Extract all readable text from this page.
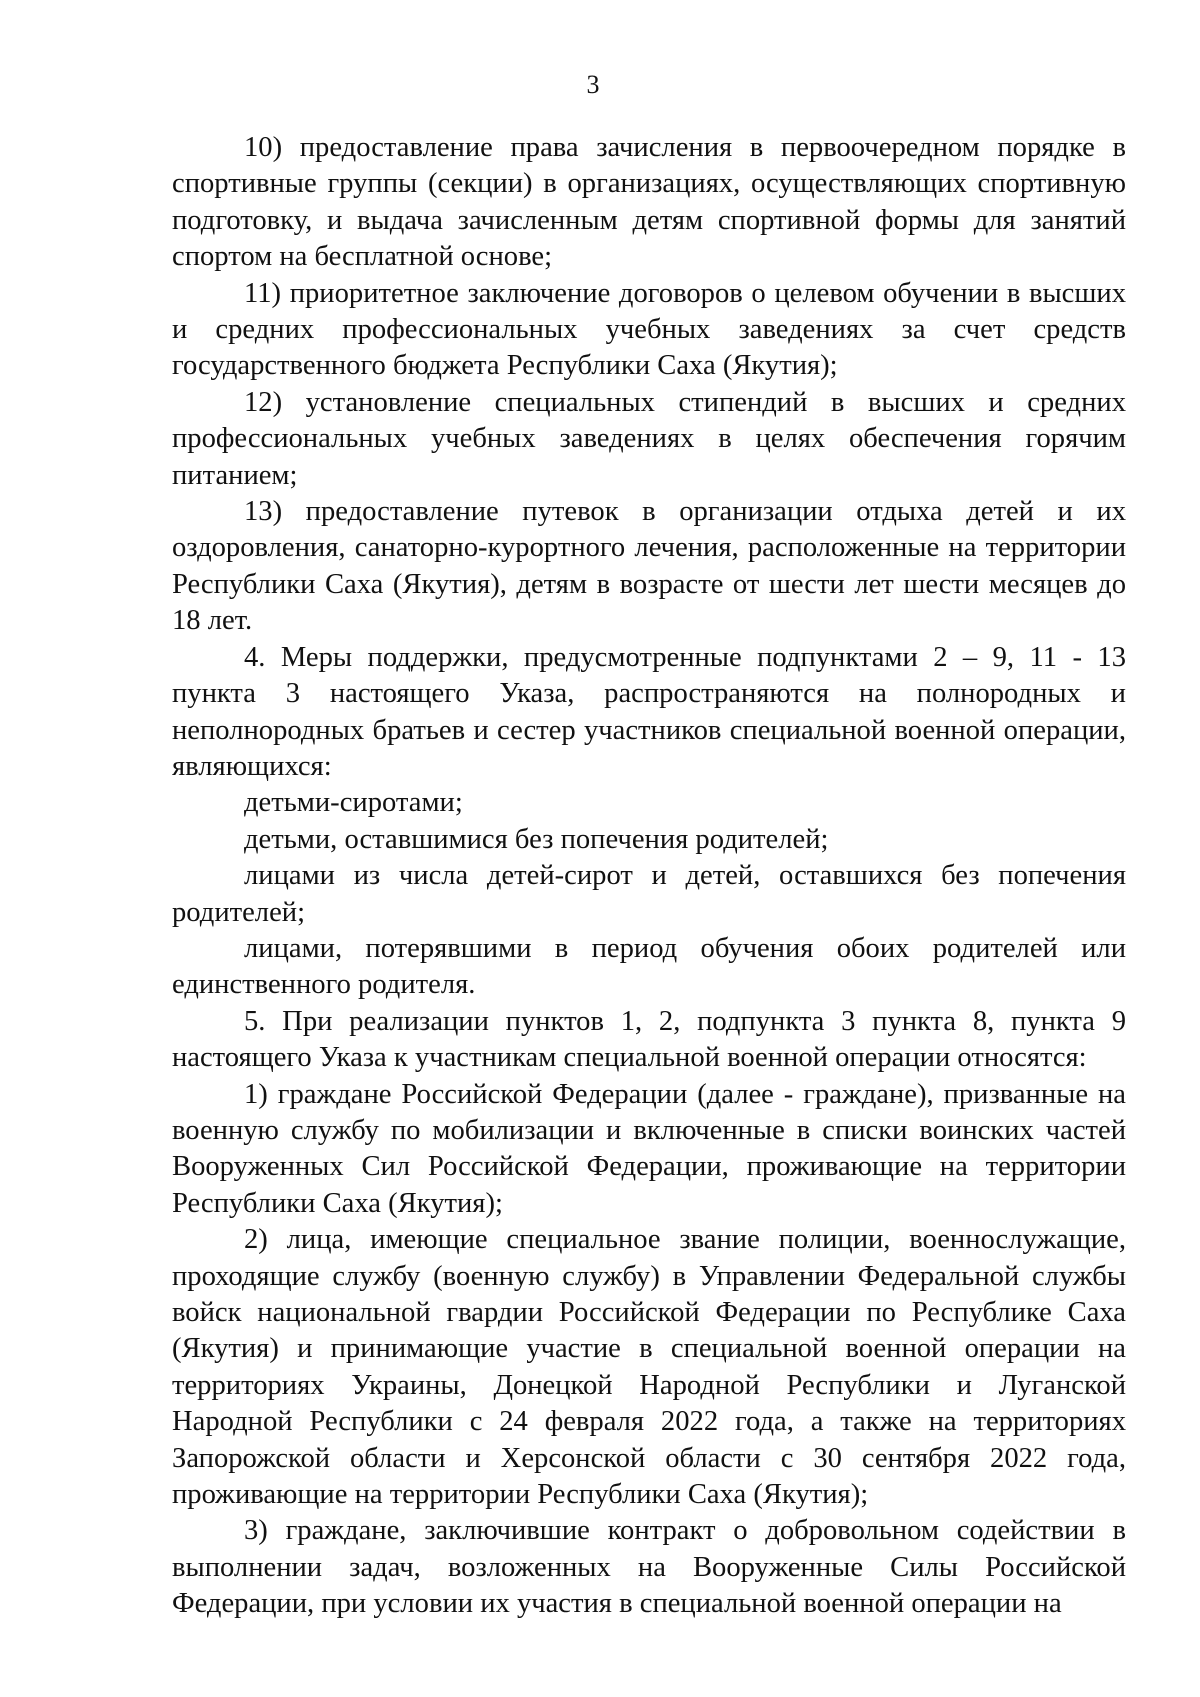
3

10) предоставление права зачисления в первоочередном порядке в спортивные группы (секции) в организациях, осуществляющих спортивную подготовку, и выдача зачисленным детям спортивной формы для занятий спортом на бесплатной основе;

11) приоритетное заключение договоров о целевом обучении в высших и средних профессиональных учебных заведениях за счет средств государственного бюджета Республики Саха (Якутия);

12) установление специальных стипендий в высших и средних профессиональных учебных заведениях в целях обеспечения горячим питанием;

13) предоставление путевок в организации отдыха детей и их оздоровления, санаторно-курортного лечения, расположенные на территории Республики Саха (Якутия), детям в возрасте от шести лет шести месяцев до 18 лет.

4. Меры поддержки, предусмотренные подпунктами 2 – 9, 11 - 13 пункта 3 настоящего Указа, распространяются на полнородных и неполнородных братьев и сестер участников специальной военной операции, являющихся:

детьми-сиротами;

детьми, оставшимися без попечения родителей;

лицами из числа детей-сирот и детей, оставшихся без попечения родителей;

лицами, потерявшими в период обучения обоих родителей или единственного родителя.

5. При реализации пунктов 1, 2, подпункта 3 пункта 8, пункта 9 настоящего Указа к участникам специальной военной операции относятся:

1) граждане Российской Федерации (далее - граждане), призванные на военную службу по мобилизации и включенные в списки воинских частей Вооруженных Сил Российской Федерации, проживающие на территории Республики Саха (Якутия);

2) лица, имеющие специальное звание полиции, военнослужащие, проходящие службу (военную службу) в Управлении Федеральной службы войск национальной гвардии Российской Федерации по Республике Саха (Якутия) и принимающие участие в специальной военной операции на территориях Украины, Донецкой Народной Республики и Луганской Народной Республики с 24 февраля 2022 года, а также на территориях Запорожской области и Херсонской области с 30 сентября 2022 года, проживающие на территории Республики Саха (Якутия);

3) граждане, заключившие контракт о добровольном содействии в выполнении задач, возложенных на Вооруженные Силы Российской Федерации, при условии их участия в специальной военной операции на
